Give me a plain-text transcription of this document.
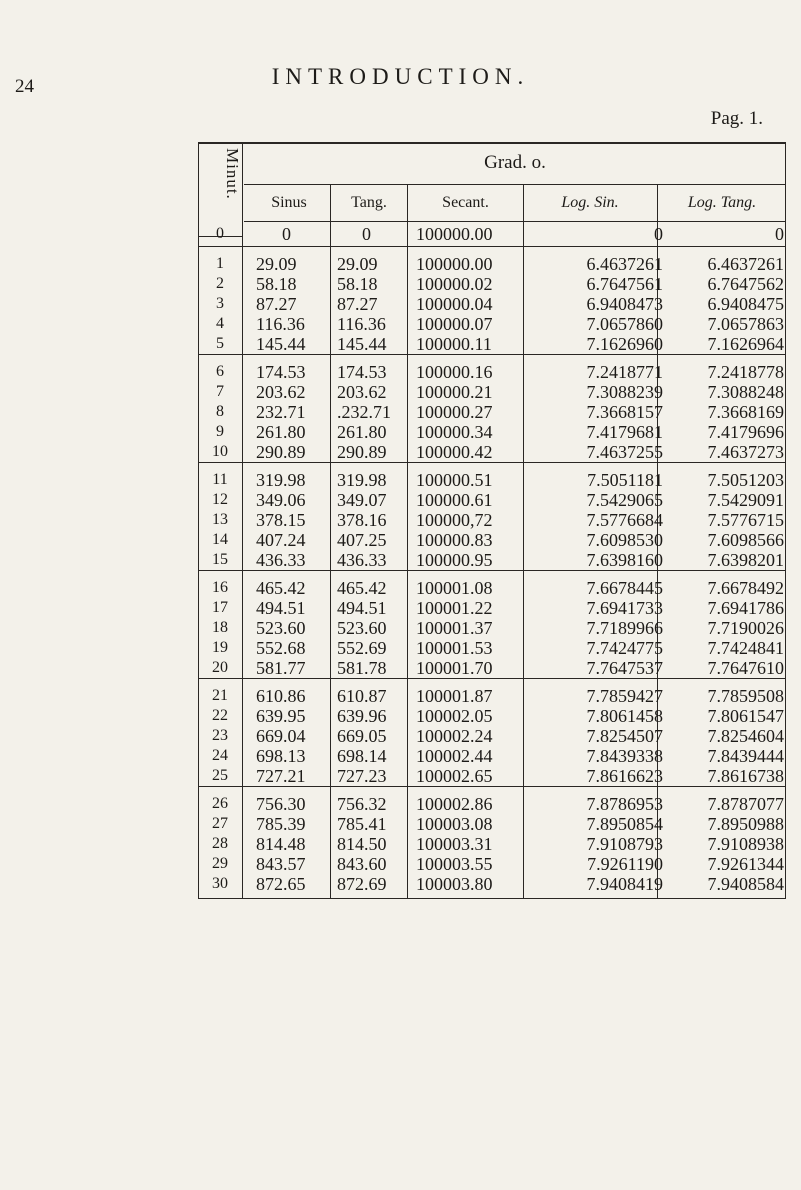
24	INTRODUCTION.
Pag. 1.
Minut.	Grad. o.
Sinus	Tang.	Secant.	Log. Sin.	Log. Tang.
0	0	0	100000.00	0	0
1	29.09 29.09 100000.00	6.4637261 6.4637261
2	58.18 58.18 100000.02	6.7647561 6.7647562
3	87.27 87.27 100000.04	6.9408473 6.9408475
4	116.36 116.36 100000.07	7.0657860 7.0657863
5	145.44 145.44 100000.11	7.1626960 7.1626964
6	174.53 174.53 100000.16	7.2418771 7.2418778
7	203.62 203.62 100000.21	7.3088239 7.3088248
8	232.71 .232.71 100000.27	7.3668157 7.3668169
9	261.80 261.80 100000.34	7.4179681 7.4179696
10	290.89 290.89 100000.42	7.4637255 7.4637273
11	319.98 319.98 100000.51	7.5051181 7.5051203
12	349.06 349.07 100000.61	7.5429065 7.5429091
13	378.15 378.16 100000,72	7.5776684 7.5776715
14	407.24 407.25 100000.83	7.6098530 7.6098566
15	436.33 436.33 100000.95	7.6398160 7.6398201
16	465.42 465.42 100001.08	7.6678445 7.6678492
17	494.51 494.51 100001.22	7.6941733 7.6941786
18	523.60 523.60 100001.37	7.7189966 7.7190026
19	552.68 552.69 100001.53	7.7424775 7.7424841
20	581.77 581.78 100001.70	7.7647537 7.7647610
21	610.86 610.87 100001.87	7.7859427 7.7859508
22	639.95 639.96 100002.05	7.8061458 7.8061547
23	669.04 669.05 100002.24	7.8254507 7.8254604
24	698.13 698.14 100002.44	7.8439338 7.8439444
25	727.21 727.23 100002.65	7.8616623 7.8616738
26	756.30 756.32 100002.86	7.8786953 7.8787077
27	785.39 785.41 100003.08	7.8950854 7.8950988
28	814.48 814.50 100003.31	7.9108793 7.9108938
29	843.57 843.60 100003.55	7.9261190 7.9261344
30	872.65 872.69 100003.80	7.9408419 7.9408584
